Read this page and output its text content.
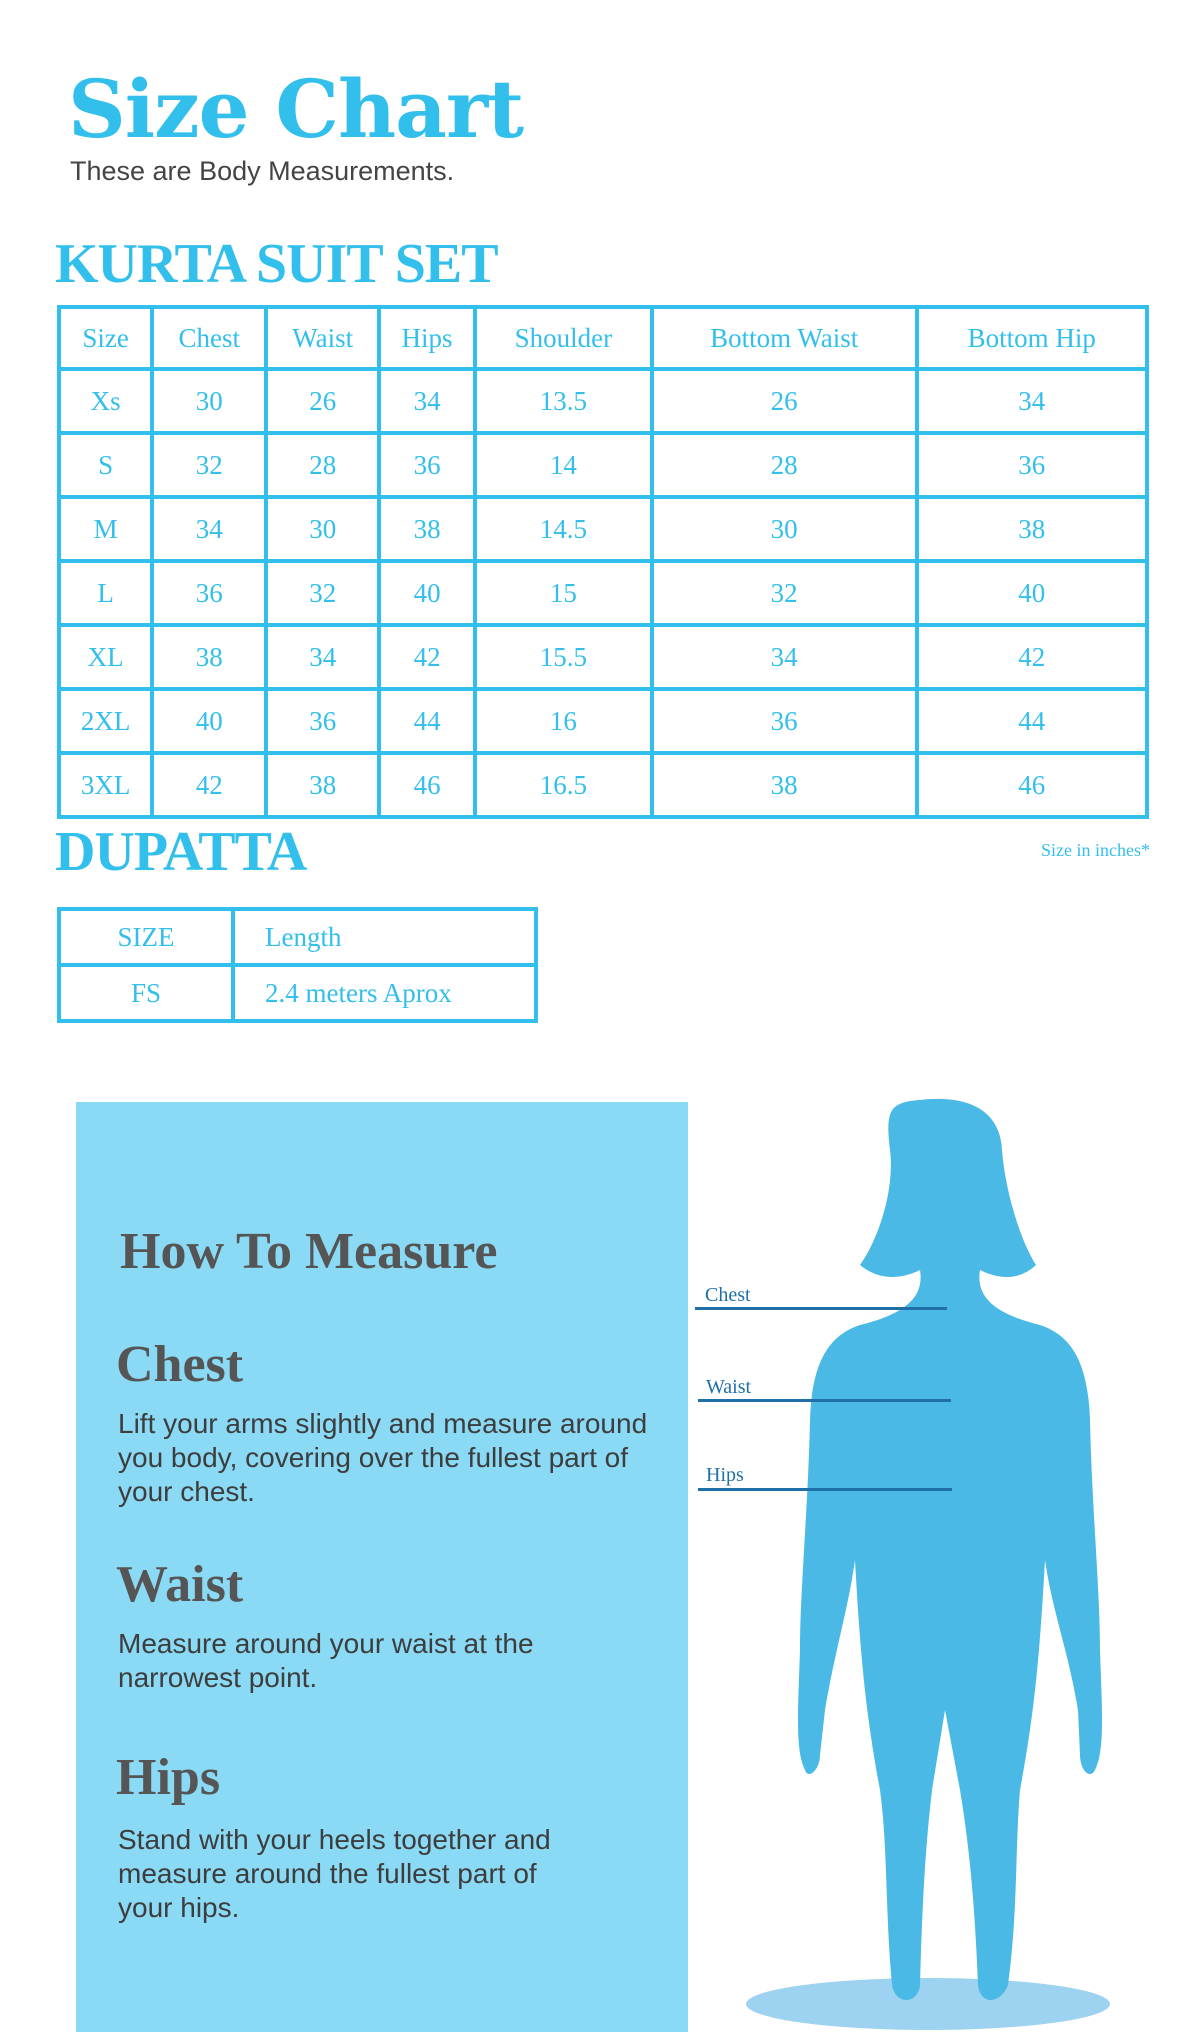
Size Chart
These are Body Measurements.
KURTA SUIT SET
Size	Chest	Waist	Hips	Shoulder	Bottom Waist	Bottom Hip
Xs	30	26	34	13.5	26	34
S	32	28	36	14	28	36
M	34	30	38	14.5	30	38
L	36	32	40	15	32	40
XL	38	34	42	15.5	34	42
2XL	40	36	44	16	36	44
3XL	42	38	46	16.5	38	46
Size in inches*
DUPATTA
SIZE	Length
FS	2.4 meters Aprox
How To Measure
Chest
Lift your arms slightly and measure around you body, covering over the fullest part of your chest.
Waist
Measure around your waist at the narrowest point.
Hips
Stand with your heels together and measure around the fullest part of your hips.
Chest
Waist
Hips
